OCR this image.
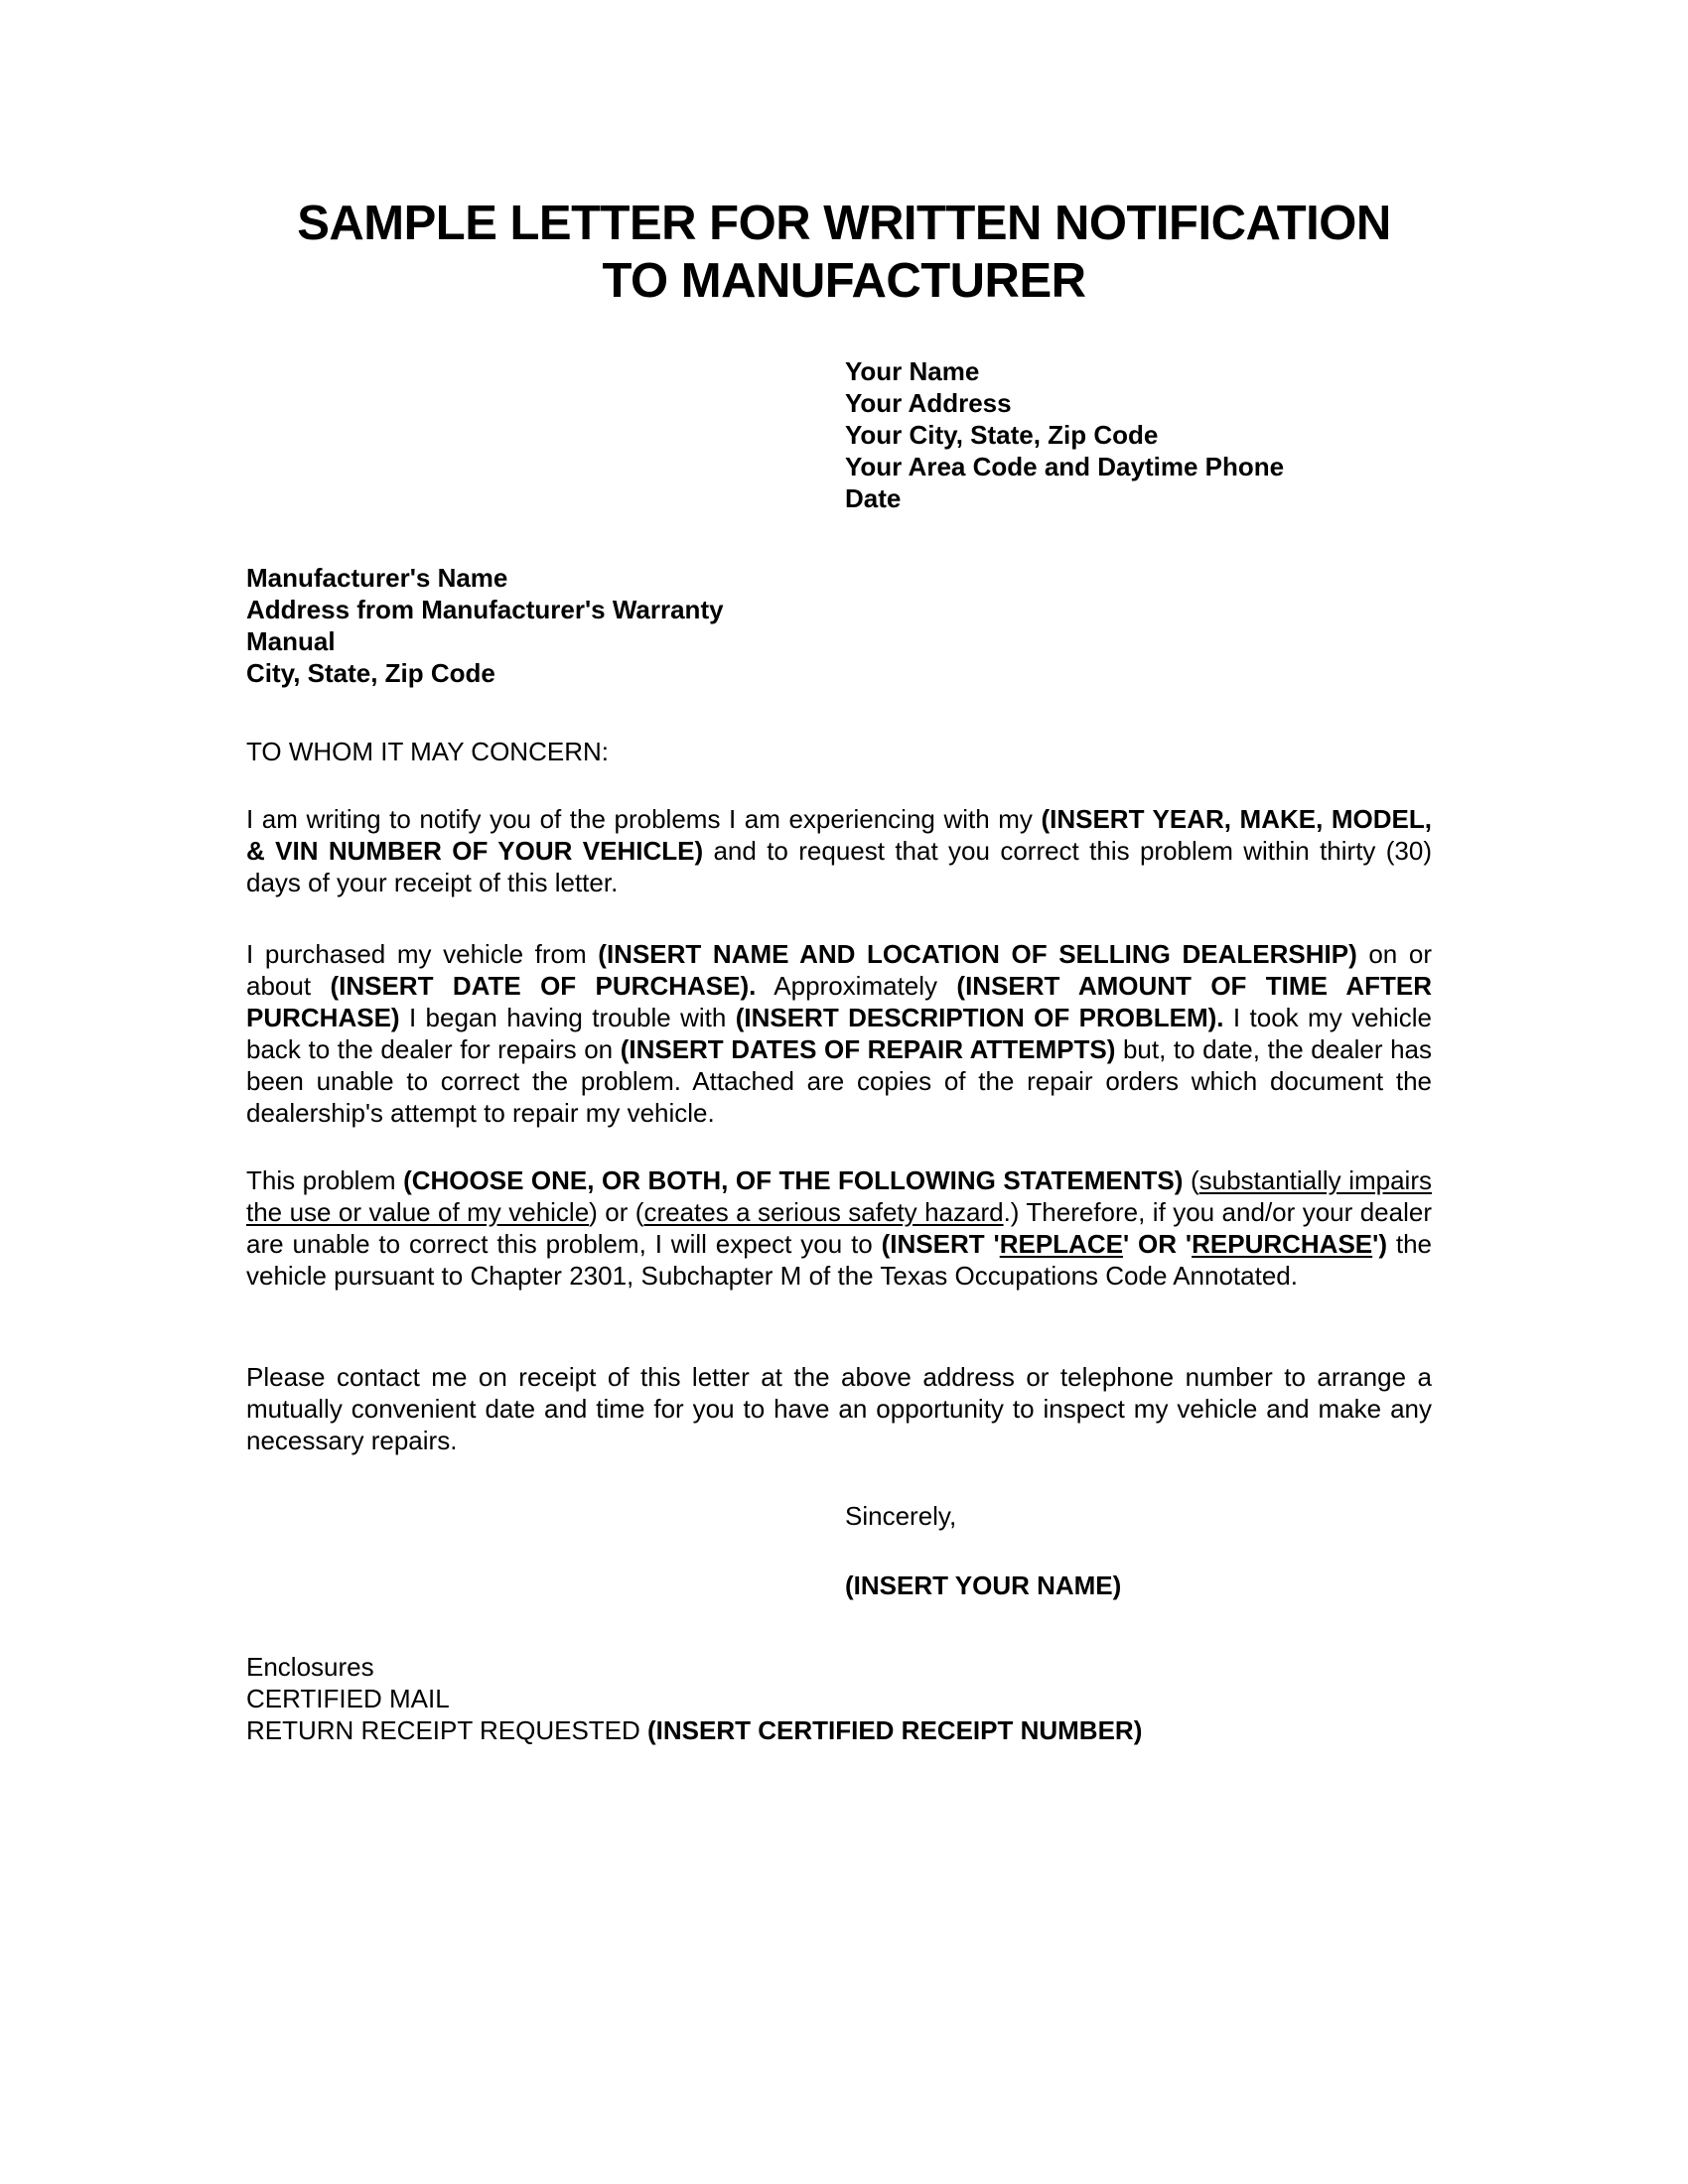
SAMPLE LETTER FOR WRITTEN NOTIFICATION
TO MANUFACTURER
Your Name
Your Address
Your City, State, Zip Code
Your Area Code and Daytime Phone
Date
Manufacturer's Name
Address from Manufacturer's Warranty
Manual
City, State, Zip Code
TO WHOM IT MAY CONCERN:
I am writing to notify you of the problems I am experiencing with my (INSERT YEAR, MAKE, MODEL, & VIN NUMBER OF YOUR VEHICLE) and to request that you correct this problem within thirty (30) days of your receipt of this letter.
I purchased my vehicle from (INSERT NAME AND LOCATION OF SELLING DEALERSHIP) on or about (INSERT DATE OF PURCHASE). Approximately (INSERT AMOUNT OF TIME AFTER PURCHASE) I began having trouble with (INSERT DESCRIPTION OF PROBLEM). I took my vehicle back to the dealer for repairs on (INSERT DATES OF REPAIR ATTEMPTS) but, to date, the dealer has been unable to correct the problem. Attached are copies of the repair orders which document the dealership's attempt to repair my vehicle.
This problem (CHOOSE ONE, OR BOTH, OF THE FOLLOWING STATEMENTS) (substantially impairs the use or value of my vehicle) or (creates a serious safety hazard.) Therefore, if you and/or your dealer are unable to correct this problem, I will expect you to (INSERT 'REPLACE' OR 'REPURCHASE') the vehicle pursuant to Chapter 2301, Subchapter M of the Texas Occupations Code Annotated.
Please contact me on receipt of this letter at the above address or telephone number to arrange a mutually convenient date and time for you to have an opportunity to inspect my vehicle and make any necessary repairs.
Sincerely,
(INSERT YOUR NAME)
Enclosures
CERTIFIED MAIL
RETURN RECEIPT REQUESTED (INSERT CERTIFIED RECEIPT NUMBER)
